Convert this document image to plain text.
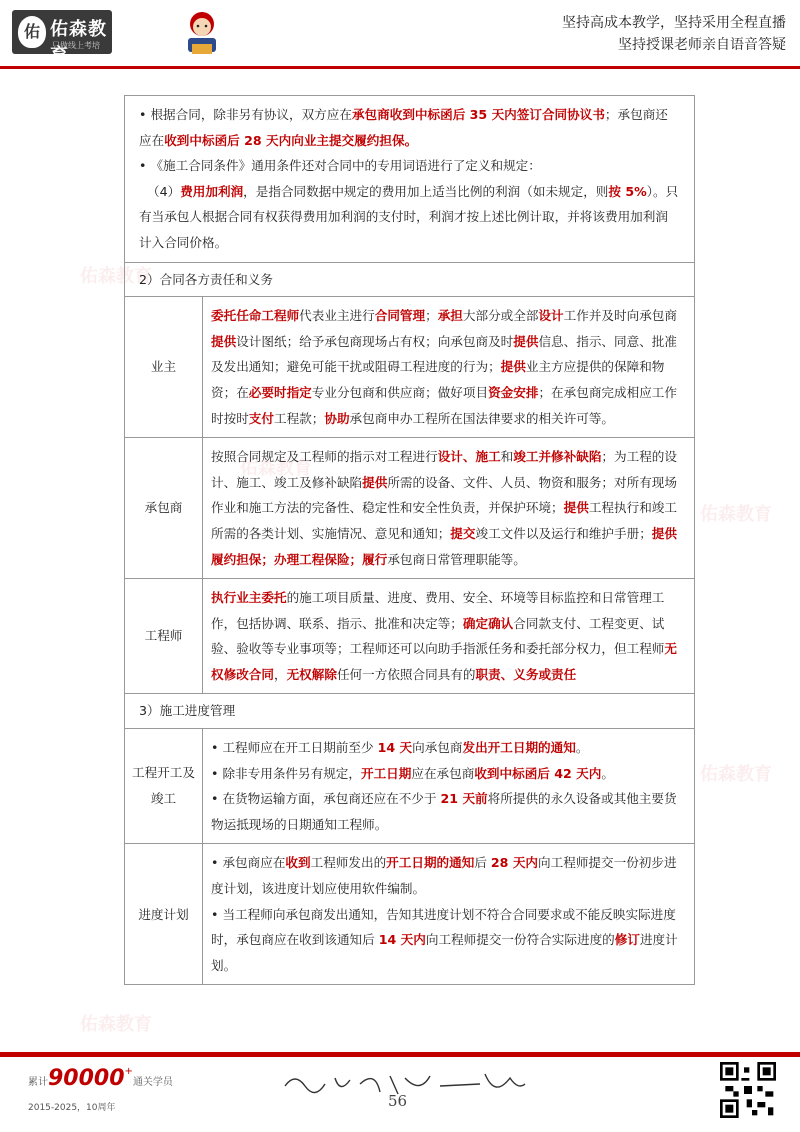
佑 佑森教育
只做线上考培
坚持高成本教学，坚持采用全程直播
坚持授课老师亲自语音答疑
佑森教育
佑森教育
佑森教育
佑森教育
佑森教育

• 根据合同，除非另有协议，双方应在承包商收到中标函后 35 天内签订合同协议书；承包商还应在收到中标函后 28 天内向业主提交履约担保。

• 《施工合同条件》通用条件还对合同中的专用词语进行了定义和规定：

（4）费用加利润，是指合同数据中规定的费用加上适当比例的利润（如未规定，则按 5%）。只有当承包人根据合同有权获得费用加利润的支付时，利润才按上述比例计取，并将该费用加利润计入合同价格。

2）合同各方责任和义务	
业主	委托任命工程师代表业主进行合同管理；承担大部分或全部设计工作并及时向承包商提供设计图纸；给予承包商现场占有权；向承包商及时提供信息、指示、同意、批准及发出通知；避免可能干扰或阻碍工程进度的行为；提供业主方应提供的保障和物资；在必要时指定专业分包商和供应商；做好项目资金安排；在承包商完成相应工作时按时支付工程款；协助承包商申办工程所在国法律要求的相关许可等。
承包商	按照合同规定及工程师的指示对工程进行设计、施工和竣工并修补缺陷；为工程的设计、施工、竣工及修补缺陷提供所需的设备、文件、人员、物资和服务；对所有现场作业和施工方法的完备性、稳定性和安全性负责，并保护环境；提供工程执行和竣工所需的各类计划、实施情况、意见和通知；提交竣工文件以及运行和维护手册；提供履约担保；办理工程保险；履行承包商日常管理职能等。
工程师	执行业主委托的施工项目质量、进度、费用、安全、环境等目标监控和日常管理工作，包括协调、联系、指示、批准和决定等；确定确认合同款支付、工程变更、试验、验收等专业事项等；工程师还可以向助手指派任务和委托部分权力，但工程师无权修改合同，无权解除任何一方依照合同具有的职责、义务或责任
3）施工进度管理	
工程开工及竣工	• 工程师应在开工日期前至少 14 天向承包商发出开工日期的通知。

• 除非专用条件另有规定，开工日期应在承包商收到中标函后 42 天内。

• 在货物运输方面，承包商还应在不少于 21 天前将所提供的永久设备或其他主要货物运抵现场的日期通知工程师。

进度计划	• 承包商应在收到工程师发出的开工日期的通知后 28 天内向工程师提交一份初步进度计划，该进度计划应使用软件编制。

• 当工程师向承包商发出通知，告知其进度计划不符合合同要求或不能反映实际进度时，承包商应在收到该通知后 14 天内向工程师提交一份符合实际进度的修订进度计划。

累计90000+通关学员
2015-2025，10周年	56
